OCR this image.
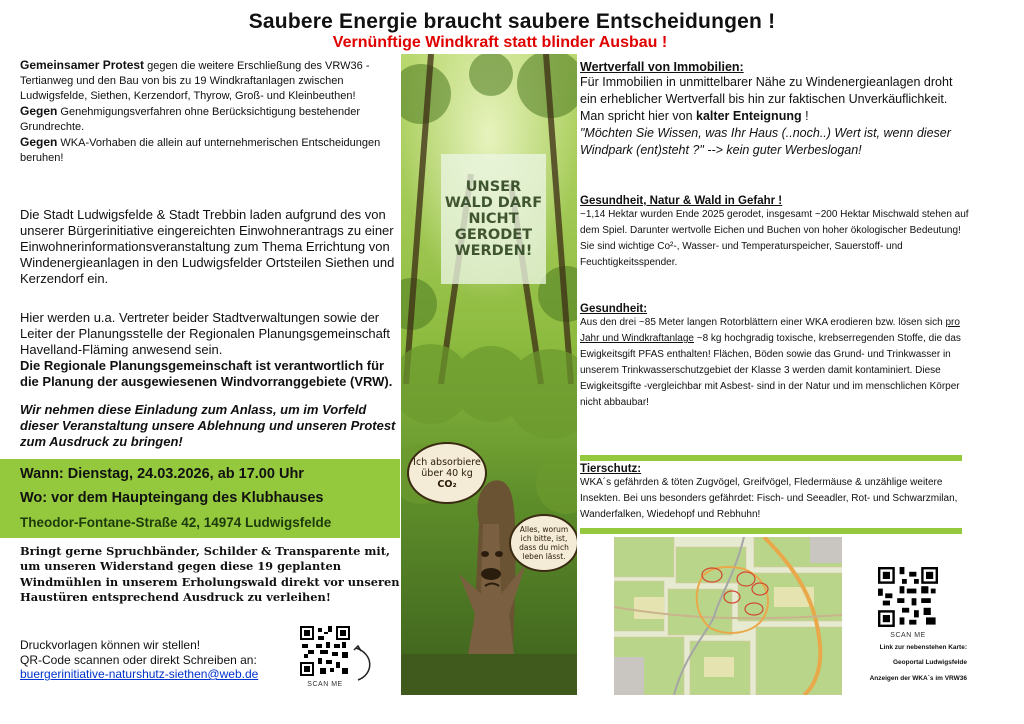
Saubere Energie braucht saubere Entscheidungen !
Vernünftige Windkraft statt blinder Ausbau !

Gemeinsamer Protest gegen die weitere Erschließung des VRW36 - Tertianweg und den Bau von bis zu 19 Windkraftanlagen zwischen Ludwigsfelde, Siethen, Kerzendorf, Thyrow, Groß- und Kleinbeuthen!

Gegen Genehmigungsverfahren ohne Berücksichtigung bestehender Grundrechte.

Gegen WKA-Vorhaben die allein auf unternehmerischen Entscheidungen beruhen!

Die Stadt Ludwigsfelde & Stadt Trebbin laden aufgrund des von unserer Bürgerinitiative eingereichten Einwohnerantrags zu einer Einwohnerinformationsveranstaltung zum Thema Errichtung von Windenergieanlagen in den Ludwigsfelder Ortsteilen Siethen und Kerzendorf ein.

Hier werden u.a. Vertreter beider Stadtverwaltungen sowie der Leiter der Planungsstelle der Regionalen Planungsgemeinschaft Havelland-Fläming anwesend sein.

Die Regionale Planungsgemeinschaft ist verantwortlich für die Planung der ausgewiesenen Windvorranggebiete (VRW).

Wir nehmen diese Einladung zum Anlass, um im Vorfeld dieser Veranstaltung unsere Ablehnung und unseren Protest zum Ausdruck zu bringen!

Wann: Dienstag, 24.03.2026, ab 17.00 Uhr
Wo: vor dem Haupteingang des Klubhauses
Theodor-Fontane-Straße 42, 14974 Ludwigsfelde
Bringt gerne Spruchbänder, Schilder & Transparente mit, um unseren Widerstand gegen diese 19 geplanten Windmühlen in unserem Erholungswald direkt vor unseren Haustüren entsprechend Ausdruck zu verleihen!
Druckvorlagen können wir stellen!
QR-Code scannen oder direkt Schreiben an:
buergerinitiative-naturshutz-siethen@web.de
SCAN ME
UNSER WALD DARF NICHT GERODET WERDEN!
Ich absorbiere
über 40 kg
CO₂
Alles, worum ich bitte, ist, dass du mich leben lässt.
Wertverfall von Immobilien:

Für Immobilien in unmittelbarer Nähe zu Windenergieanlagen droht ein erheblicher Wertverfall bis hin zur faktischen Unverkäuflichkeit.

Man spricht hier von kalter Enteignung !

"Möchten Sie Wissen, was Ihr Haus (..noch..) Wert ist, wenn dieser Windpark (ent)steht ?" --> kein guter Werbeslogan!

Gesundheit, Natur & Wald in Gefahr !

~1,14 Hektar wurden Ende 2025 gerodet, insgesamt ~200 Hektar Mischwald stehen auf dem Spiel. Darunter wertvolle Eichen und Buchen von hoher ökologischer Bedeutung! Sie sind wichtige Co²-, Wasser- und Temperaturspeicher, Sauerstoff- und Feuchtigkeitsspender.

Gesundheit:

Aus den drei ~85 Meter langen Rotorblättern einer WKA erodieren bzw. lösen sich pro Jahr und Windkraftanlage ~8 kg hochgradig toxische, krebserregenden Stoffe, die das Ewigkeitsgift PFAS enthalten! Flächen, Böden sowie das Grund- und Trinkwasser in unserem Trinkwasserschutzgebiet der Klasse 3 werden damit kontaminiert. Diese Ewigkeitsgifte -vergleichbar mit Asbest- sind in der Natur und im menschlichen Körper nicht abbaubar!

Tierschutz:

WKA´s gefährden & töten Zugvögel, Greifvögel, Fledermäuse & unzählige weitere Insekten. Bei uns besonders gefährdet: Fisch- und Seeadler, Rot- und Schwarzmilan, Wanderfalken, Wiedehopf und Rebhuhn!

SCAN ME
Link zur nebenstehen Karte:
Geoportal Ludwigsfelde
Anzeigen der WKA´s im VRW36
